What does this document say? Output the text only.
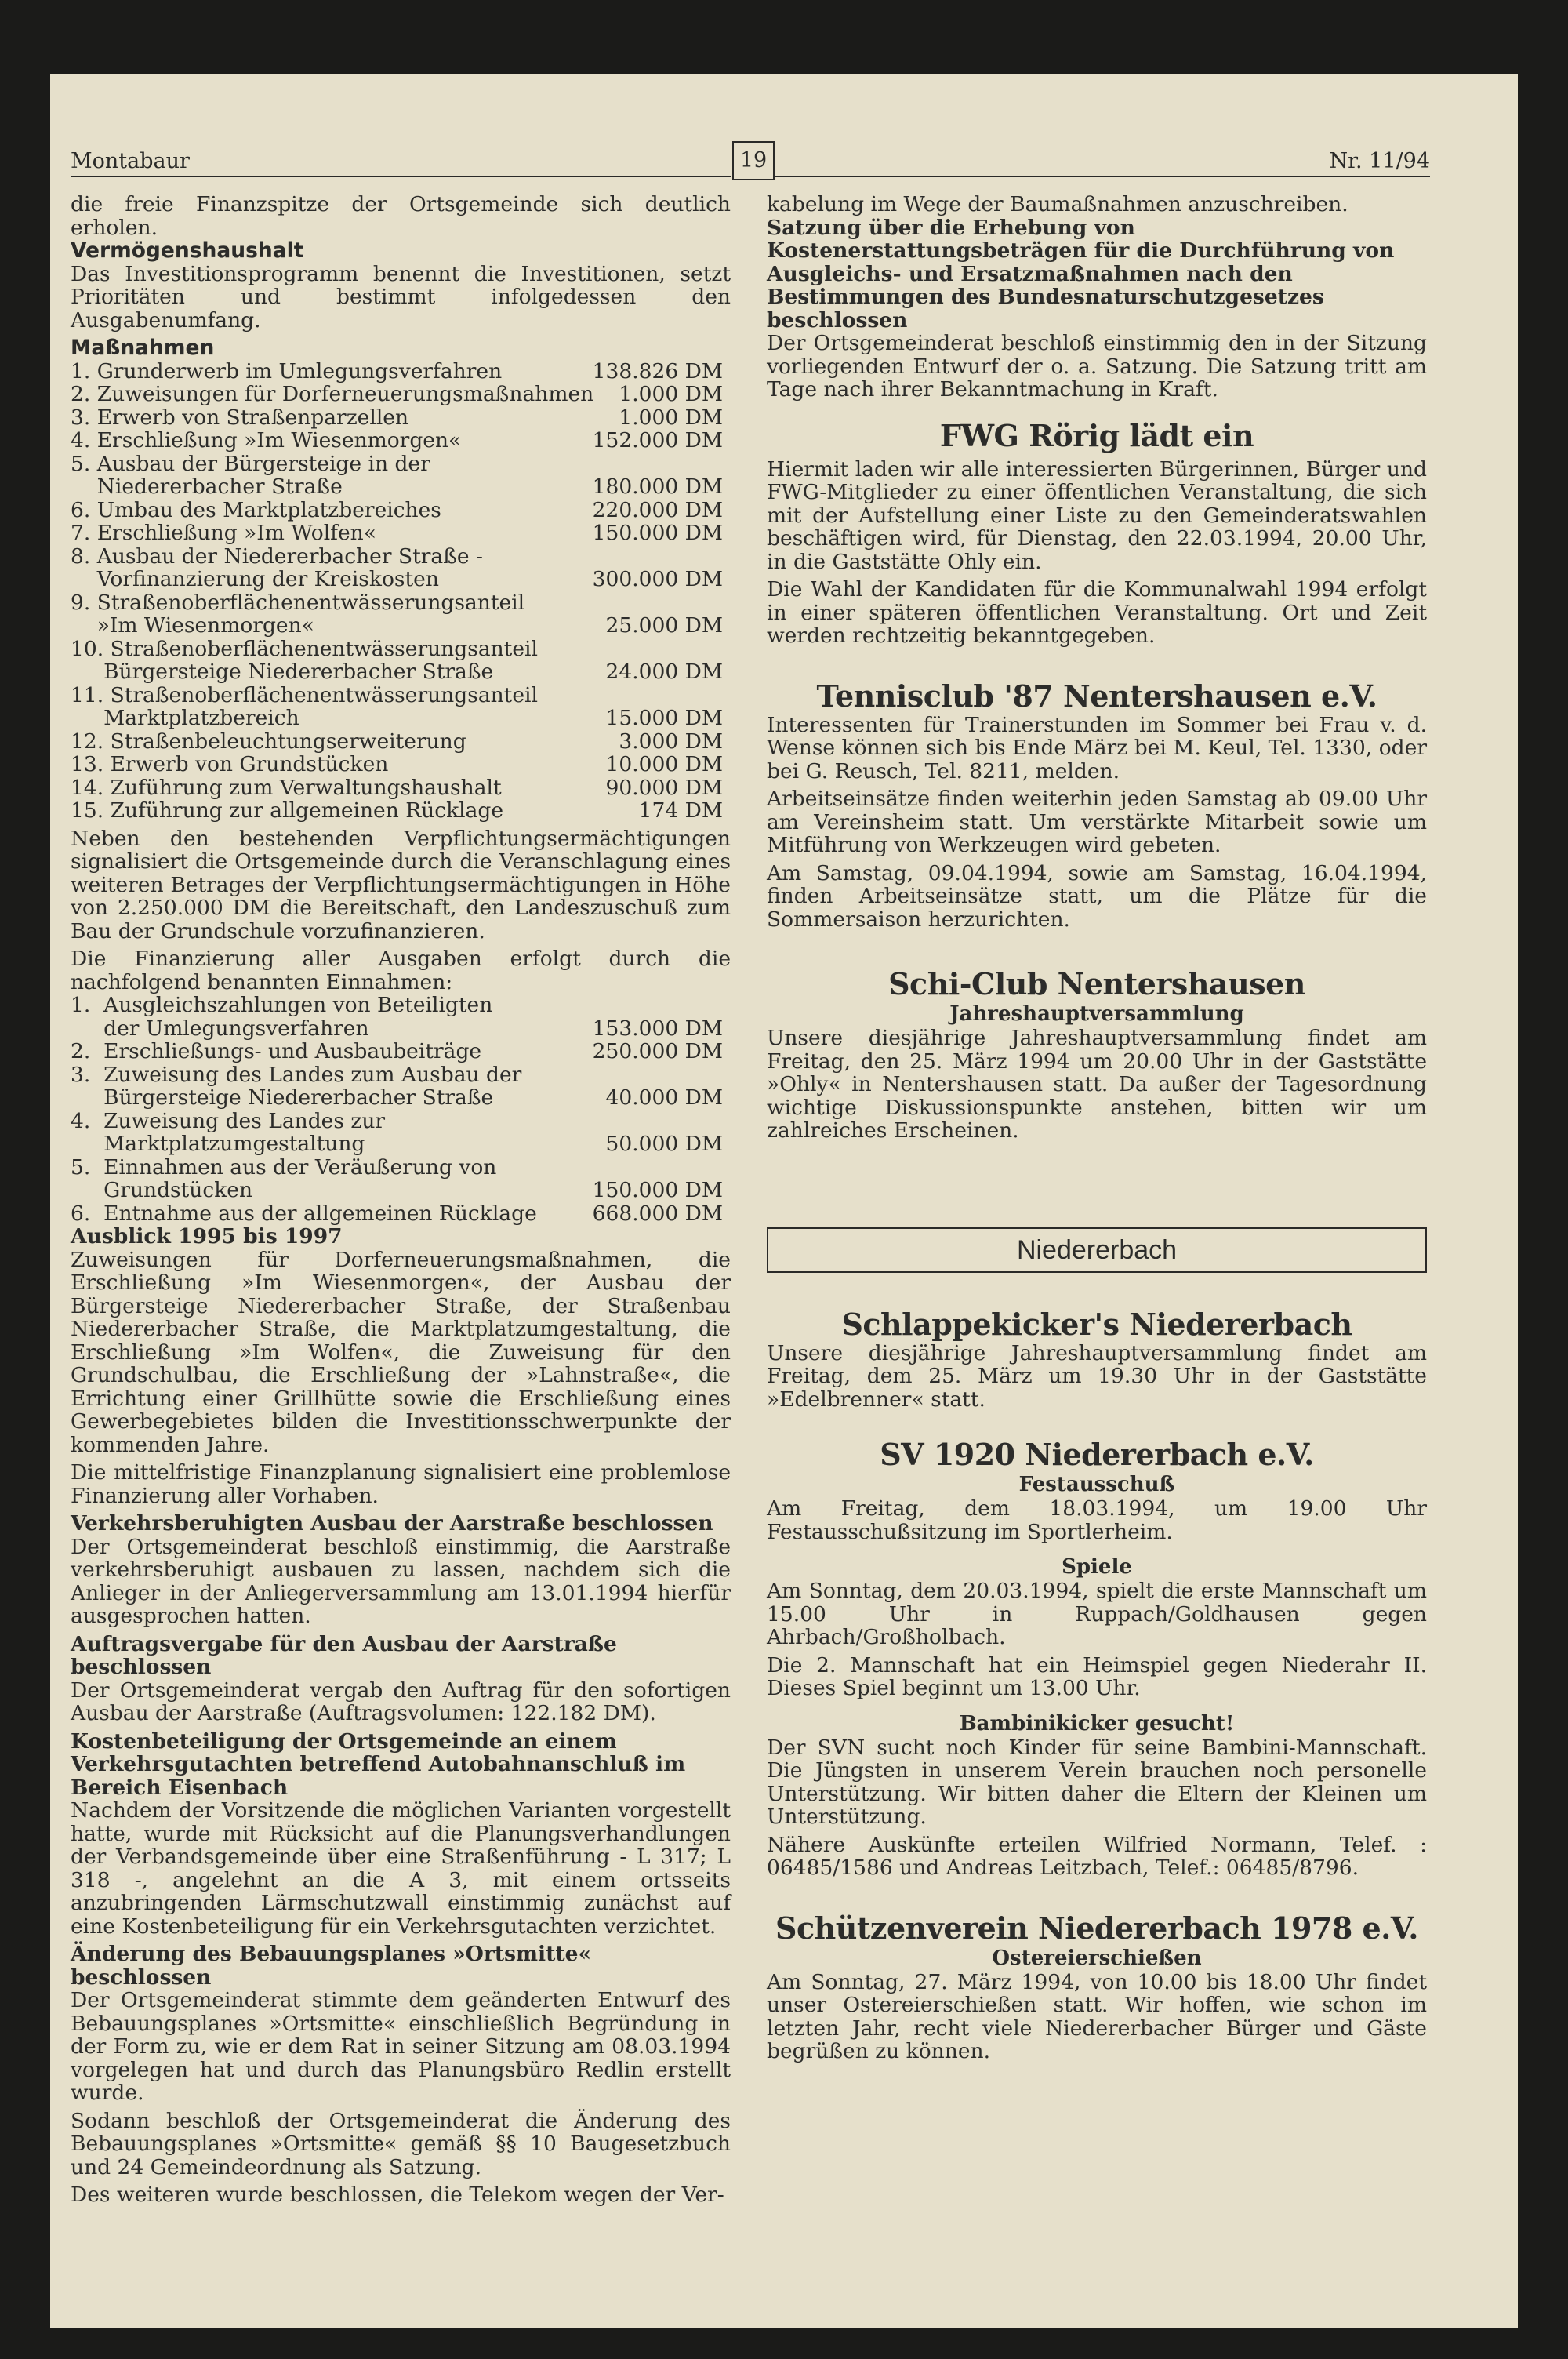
Montabaur	19	Nr. 11/94

die freie Finanzspitze der Ortsgemeinde sich deutlich erholen.

Vermögenshaushalt

Das Investitionsprogramm benennt die Investitionen, setzt Prioritäten und bestimmt infolgedessen den Ausgabenumfang.

Maßnahmen

1. Grunderwerb im Umlegungsverfahren	138.826 DM
2. Zuweisungen für Dorferneuerungsmaßnahmen	1.000 DM
3. Erwerb von Straßenparzellen	1.000 DM
4. Erschließung »Im Wiesenmorgen«	152.000 DM
5. Ausbau der Bürgersteige in der
Niedererbacher Straße	180.000 DM
6. Umbau des Marktplatzbereiches	220.000 DM
7. Erschließung »Im Wolfen«	150.000 DM
8. Ausbau der Niedererbacher Straße -
Vorfinanzierung der Kreiskosten	300.000 DM
9. Straßenoberflächenentwässerungsanteil
»Im Wiesenmorgen«	25.000 DM
10. Straßenoberflächenentwässerungsanteil
Bürgersteige Niedererbacher Straße	24.000 DM
11. Straßenoberflächenentwässerungsanteil
Marktplatzbereich	15.000 DM
12. Straßenbeleuchtungserweiterung	3.000 DM
13. Erwerb von Grundstücken	10.000 DM
14. Zuführung zum Verwaltungshaushalt	90.000 DM
15. Zuführung zur allgemeinen Rücklage	174 DM

Neben den bestehenden Verpflichtungsermächtigungen signalisiert die Ortsgemeinde durch die Veranschlagung eines weiteren Betrages der Verpflichtungsermächtigungen in Höhe von 2.250.000 DM die Bereitschaft, den Landeszuschuß zum Bau der Grundschule vorzufinanzieren.

Die Finanzierung aller Ausgaben erfolgt durch die nachfolgend benannten Einnahmen:

1.  Ausgleichszahlungen von Beteiligten
der Umlegungsverfahren	153.000 DM
2.  Erschließungs- und Ausbaubeiträge	250.000 DM
3.  Zuweisung des Landes zum Ausbau der
Bürgersteige Niedererbacher Straße	40.000 DM
4.  Zuweisung des Landes zur
Marktplatzumgestaltung	50.000 DM
5.  Einnahmen aus der Veräußerung von
Grundstücken	150.000 DM
6.  Entnahme aus der allgemeinen Rücklage	668.000 DM

Ausblick 1995 bis 1997

Zuweisungen für Dorferneuerungsmaßnahmen, die Erschließung »Im Wiesenmorgen«, der Ausbau der Bürgersteige Niedererbacher Straße, der Straßenbau Niedererbacher Straße, die Marktplatzumgestaltung, die Erschließung »Im Wolfen«, die Zuweisung für den Grundschulbau, die Erschließung der »Lahnstraße«, die Errichtung einer Grillhütte sowie die Erschließung eines Gewerbegebietes bilden die Investitionsschwerpunkte der kommenden Jahre.

Die mittelfristige Finanzplanung signalisiert eine problemlose Finanzierung aller Vorhaben.

Verkehrsberuhigten Ausbau der Aarstraße beschlossen

Der Ortsgemeinderat beschloß einstimmig, die Aarstraße verkehrsberuhigt ausbauen zu lassen, nachdem sich die Anlieger in der Anliegerversammlung am 13.01.1994 hierfür ausgesprochen hatten.

Auftragsvergabe für den Ausbau der Aarstraße beschlossen

Der Ortsgemeinderat vergab den Auftrag für den sofortigen Ausbau der Aarstraße (Auftragsvolumen: 122.182 DM).

Kostenbeteiligung der Ortsgemeinde an einem Verkehrsgutachten betreffend Autobahnanschluß im Bereich Eisenbach

Nachdem der Vorsitzende die möglichen Varianten vorgestellt hatte, wurde mit Rücksicht auf die Planungsverhandlungen der Verbandsgemeinde über eine Straßenführung - L 317; L 318 -, angelehnt an die A 3, mit einem ortsseits anzubringenden Lärmschutzwall einstimmig zunächst auf eine Kostenbeteiligung für ein Verkehrsgutachten verzichtet.

Änderung des Bebauungsplanes »Ortsmitte« beschlossen

Der Ortsgemeinderat stimmte dem geänderten Entwurf des Bebauungsplanes »Ortsmitte« einschließlich Begründung in der Form zu, wie er dem Rat in seiner Sitzung am 08.03.1994 vorgelegen hat und durch das Planungsbüro Redlin erstellt wurde.

Sodann beschloß der Ortsgemeinderat die Änderung des Bebauungsplanes »Ortsmitte« gemäß §§ 10 Baugesetzbuch und 24 Gemeindeordnung als Satzung.

Des weiteren wurde beschlossen, die Telekom wegen der Ver-

kabelung im Wege der Baumaßnahmen anzuschreiben.

Satzung über die Erhebung von Kostenerstattungsbeträgen für die Durchführung von Ausgleichs- und Ersatzmaßnahmen nach den Bestimmungen des Bundesnaturschutzgesetzes beschlossen

Der Ortsgemeinderat beschloß einstimmig den in der Sitzung vorliegenden Entwurf der o. a. Satzung. Die Satzung tritt am Tage nach ihrer Bekanntmachung in Kraft.

FWG Rörig lädt ein

Hiermit laden wir alle interessierten Bürgerinnen, Bürger und FWG-Mitglieder zu einer öffentlichen Veranstaltung, die sich mit der Aufstellung einer Liste zu den Gemeinderatswahlen beschäftigen wird, für Dienstag, den 22.03.1994, 20.00 Uhr, in die Gaststätte Ohly ein.

Die Wahl der Kandidaten für die Kommunalwahl 1994 erfolgt in einer späteren öffentlichen Veranstaltung. Ort und Zeit werden rechtzeitig bekanntgegeben.

Tennisclub '87 Nentershausen e.V.

Interessenten für Trainerstunden im Sommer bei Frau v. d. Wense können sich bis Ende März bei M. Keul, Tel. 1330, oder bei G. Reusch, Tel. 8211, melden.

Arbeitseinsätze finden weiterhin jeden Samstag ab 09.00 Uhr am Vereinsheim statt. Um verstärkte Mitarbeit sowie um Mitführung von Werkzeugen wird gebeten.

Am Samstag, 09.04.1994, sowie am Samstag, 16.04.1994, finden Arbeitseinsätze statt, um die Plätze für die Sommersaison herzurichten.

Schi-Club Nentershausen

Jahreshauptversammlung

Unsere diesjährige Jahreshauptversammlung findet am Freitag, den 25. März 1994 um 20.00 Uhr in der Gaststätte »Ohly« in Nentershausen statt. Da außer der Tagesordnung wichtige Diskussionspunkte anstehen, bitten wir um zahlreiches Erscheinen.

Niedererbach

Schlappekicker's Niedererbach

Unsere diesjährige Jahreshauptversammlung findet am Freitag, dem 25. März um 19.30 Uhr in der Gaststätte »Edelbrenner« statt.

SV 1920 Niedererbach e.V.

Festausschuß

Am Freitag, dem 18.03.1994, um 19.00 Uhr Festausschußsitzung im Sportlerheim.

Spiele

Am Sonntag, dem 20.03.1994, spielt die erste Mannschaft um 15.00 Uhr in Ruppach/Goldhausen gegen Ahrbach/Großholbach.

Die 2. Mannschaft hat ein Heimspiel gegen Niederahr II. Dieses Spiel beginnt um 13.00 Uhr.

Bambinikicker gesucht!

Der SVN sucht noch Kinder für seine Bambini-Mannschaft. Die Jüngsten in unserem Verein brauchen noch personelle Unterstützung. Wir bitten daher die Eltern der Kleinen um Unterstützung.

Nähere Auskünfte erteilen Wilfried Normann, Telef. : 06485/1586 und Andreas Leitzbach, Telef.: 06485/8796.

Schützenverein Niedererbach 1978 e.V.

Ostereierschießen

Am Sonntag, 27. März 1994, von 10.00 bis 18.00 Uhr findet unser Ostereierschießen statt. Wir hoffen, wie schon im letzten Jahr, recht viele Niedererbacher Bürger und Gäste begrüßen zu können.
